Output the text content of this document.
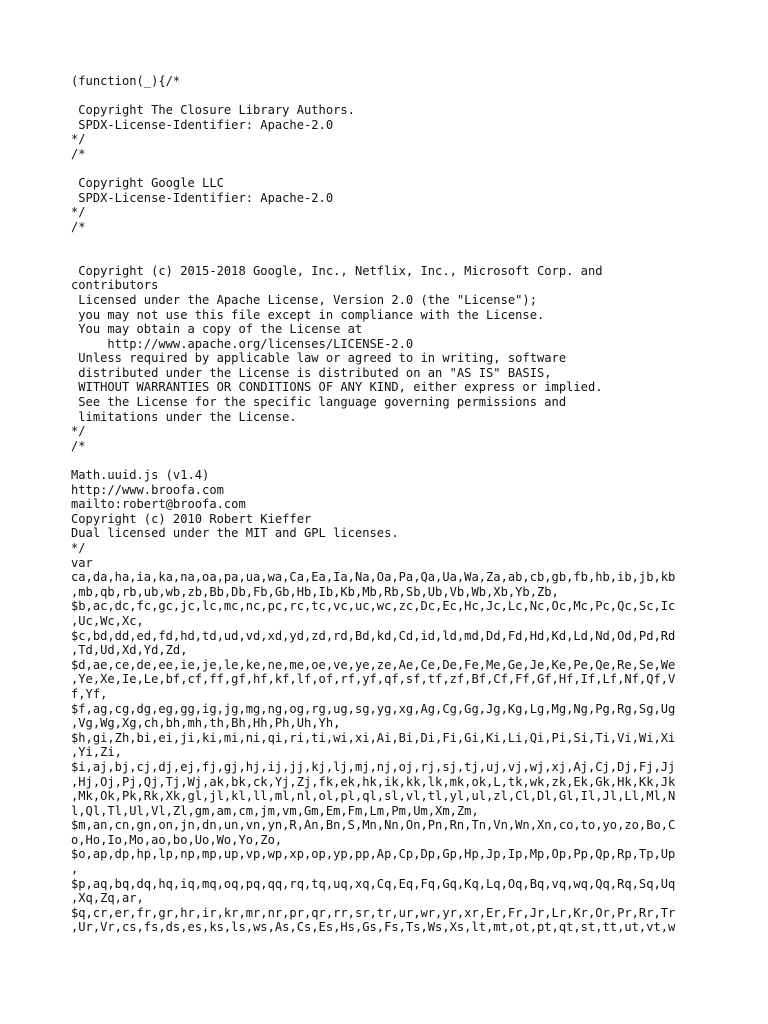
(function(_){/*

Copyright The Closure Library Authors.
SPDX-License-Identifier: Apache-2.0
*/
/*

Copyright Google LLC
SPDX-License-Identifier: Apache-2.0
*/
/*

Copyright (c) 2015-2018 Google, Inc., Netflix, Inc., Microsoft Corp. and
contributors
Licensed under the Apache License, Version 2.0 (the "License");
you may not use this file except in compliance with the License.
You may obtain a copy of the License at
http://www.apache.org/licenses/LICENSE-2.0
Unless required by applicable law or agreed to in writing, software
distributed under the License is distributed on an "AS IS" BASIS,
WITHOUT WARRANTIES OR CONDITIONS OF ANY KIND, either express or implied.
See the License for the specific language governing permissions and
limitations under the License.
*/
/*

Math.uuid.js (v1.4)
http://www.broofa.com
mailto:robert@broofa.com
Copyright (c) 2010 Robert Kieffer
Dual licensed under the MIT and GPL licenses.
*/
var
ca,da,ha,ia,ka,na,oa,pa,ua,wa,Ca,Ea,Ia,Na,Oa,Pa,Qa,Ua,Wa,Za,ab,cb,gb,fb,hb,ib,jb,kb
,mb,qb,rb,ub,wb,zb,Bb,Db,Fb,Gb,Hb,Ib,Kb,Mb,Rb,Sb,Ub,Vb,Wb,Xb,Yb,Zb,
$b,ac,dc,fc,gc,jc,lc,mc,nc,pc,rc,tc,vc,uc,wc,zc,Dc,Ec,Hc,Jc,Lc,Nc,Oc,Mc,Pc,Qc,Sc,Ic
,Uc,Wc,Xc,
$c,bd,dd,ed,fd,hd,td,ud,vd,xd,yd,zd,rd,Bd,kd,Cd,id,ld,md,Dd,Fd,Hd,Kd,Ld,Nd,Od,Pd,Rd
,Td,Ud,Xd,Yd,Zd,
$d,ae,ce,de,ee,ie,je,le,ke,ne,me,oe,ve,ye,ze,Ae,Ce,De,Fe,Me,Ge,Je,Ke,Pe,Qe,Re,Se,We
,Ye,Xe,Ie,Le,bf,cf,ff,gf,hf,kf,lf,of,rf,yf,qf,sf,tf,zf,Bf,Cf,Ff,Gf,Hf,If,Lf,Nf,Qf,V
f,Yf,
$f,ag,cg,dg,eg,gg,ig,jg,mg,ng,og,rg,ug,sg,yg,xg,Ag,Cg,Gg,Jg,Kg,Lg,Mg,Ng,Pg,Rg,Sg,Ug
,Vg,Wg,Xg,ch,bh,mh,th,Bh,Hh,Ph,Uh,Yh,
$h,gi,Zh,bi,ei,ji,ki,mi,ni,qi,ri,ti,wi,xi,Ai,Bi,Di,Fi,Gi,Ki,Li,Qi,Pi,Si,Ti,Vi,Wi,Xi
,Yi,Zi,
$i,aj,bj,cj,dj,ej,fj,gj,hj,ij,jj,kj,lj,mj,nj,oj,rj,sj,tj,uj,vj,wj,xj,Aj,Cj,Dj,Fj,Jj
,Hj,Oj,Pj,Qj,Tj,Wj,ak,bk,ck,Yj,Zj,fk,ek,hk,ik,kk,lk,mk,ok,L,tk,wk,zk,Ek,Gk,Hk,Kk,Jk
,Mk,Ok,Pk,Rk,Xk,gl,jl,kl,ll,ml,nl,ol,pl,ql,sl,vl,tl,yl,ul,zl,Cl,Dl,Gl,Il,Jl,Ll,Ml,N
l,Ql,Tl,Ul,Vl,Zl,gm,am,cm,jm,vm,Gm,Em,Fm,Lm,Pm,Um,Xm,Zm,
$m,an,cn,gn,on,jn,dn,un,vn,yn,R,An,Bn,S,Mn,Nn,On,Pn,Rn,Tn,Vn,Wn,Xn,co,to,yo,zo,Bo,C
o,Ho,Io,Mo,ao,bo,Uo,Wo,Yo,Zo,
$o,ap,dp,hp,lp,np,mp,up,vp,wp,xp,op,yp,pp,Ap,Cp,Dp,Gp,Hp,Jp,Ip,Mp,Op,Pp,Qp,Rp,Tp,Up
,
$p,aq,bq,dq,hq,iq,mq,oq,pq,qq,rq,tq,uq,xq,Cq,Eq,Fq,Gq,Kq,Lq,Oq,Bq,vq,wq,Qq,Rq,Sq,Uq
,Xq,Zq,ar,
$q,cr,er,fr,gr,hr,ir,kr,mr,nr,pr,qr,rr,sr,tr,ur,wr,yr,xr,Er,Fr,Jr,Lr,Kr,Or,Pr,Rr,Tr
,Ur,Vr,cs,fs,ds,es,ks,ls,ws,As,Cs,Es,Hs,Gs,Fs,Ts,Ws,Xs,lt,mt,ot,pt,qt,st,tt,ut,vt,w
